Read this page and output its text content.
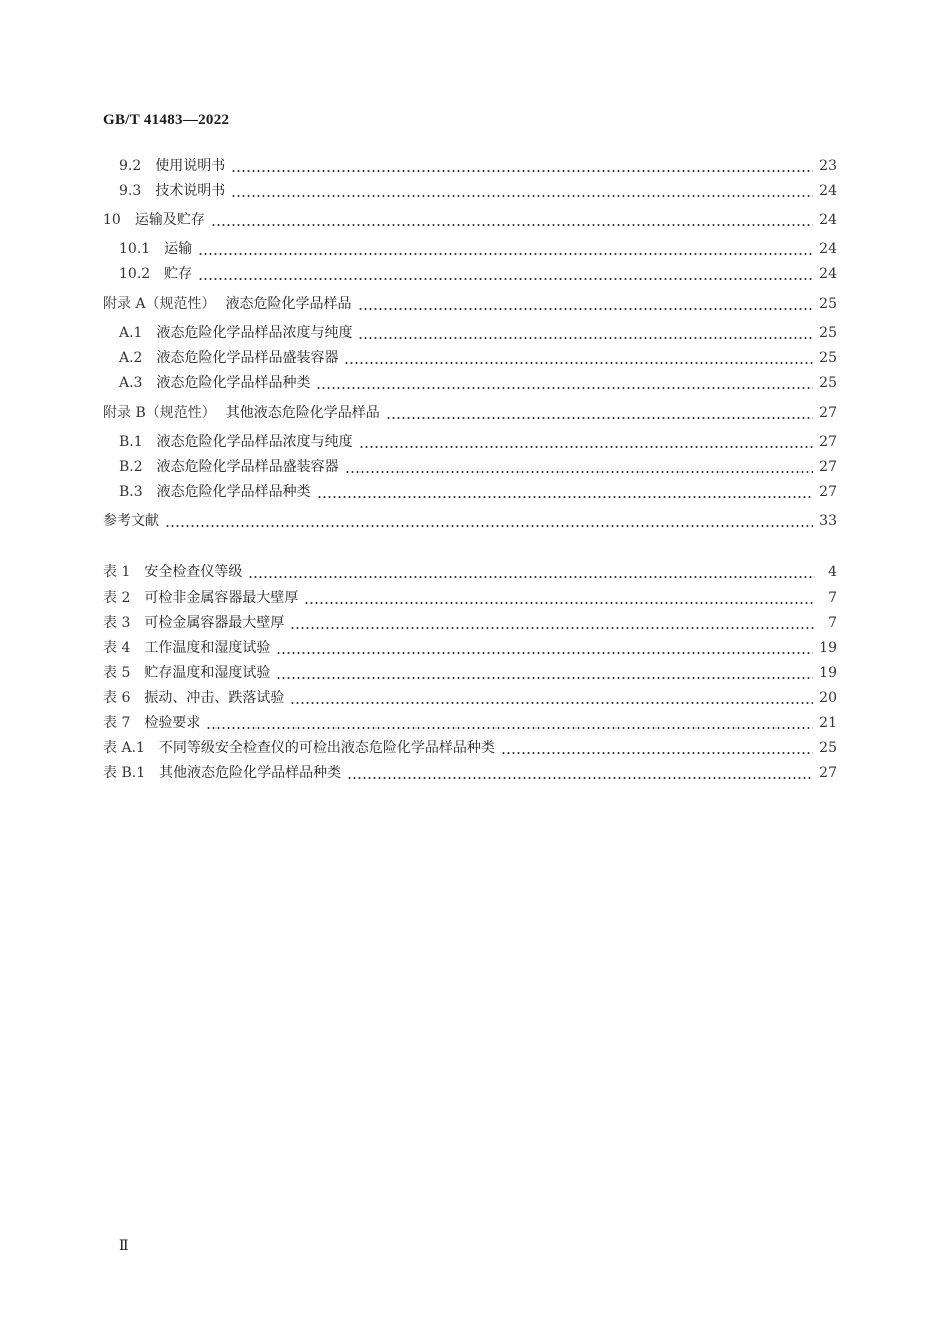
GB/T 41483—2022
9.2 使用说明书	23
9.3 技术说明书	24
10 运输及贮存	24
10.1 运输	24
10.2 贮存	24
附录 A（规范性） 液态危险化学品样品	25
A.1 液态危险化学品样品浓度与纯度	25
A.2 液态危险化学品样品盛装容器	25
A.3 液态危险化学品样品种类	25
附录 B（规范性） 其他液态危险化学品样品	27
B.1 液态危险化学品样品浓度与纯度	27
B.2 液态危险化学品样品盛装容器	27
B.3 液态危险化学品样品种类	27
参考文献	33
表 1 安全检查仪等级	4
表 2 可检非金属容器最大壁厚	7
表 3 可检金属容器最大壁厚	7
表 4 工作温度和湿度试验	19
表 5 贮存温度和湿度试验	19
表 6 振动、冲击、跌落试验	20
表 7 检验要求	21
表 A.1 不同等级安全检查仪的可检出液态危险化学品样品种类	25
表 B.1 其他液态危险化学品样品种类	27
Ⅱ
